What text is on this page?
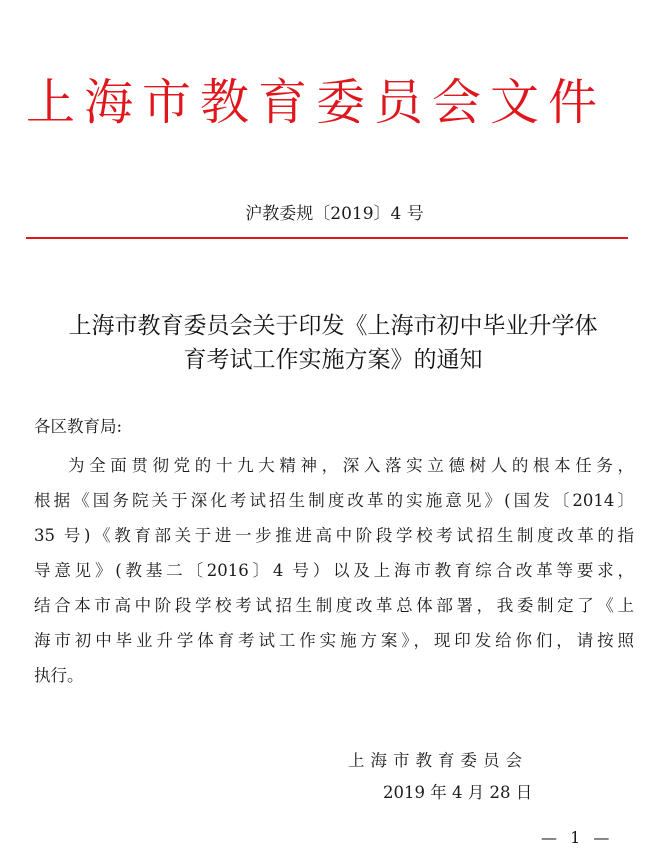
上海市教育委员会文件
沪教委规〔2019〕4 号
上海市教育委员会关于印发《上海市初中毕业升学体
育考试工作实施方案》的通知
各区教育局:
为全面贯彻党的十九大精神，深入落实立德树人的根本任务，
根据《国务院关于深化考试招生制度改革的实施意见》(国发〔2014〕
35 号)《教育部关于进一步推进高中阶段学校考试招生制度改革的指
导意见》(教基二〔2016〕4 号）以及上海市教育综合改革等要求，
结合本市高中阶段学校考试招生制度改革总体部署，我委制定了《上
海市初中毕业升学体育考试工作实施方案》，现印发给你们，请按照
执行。
上海市教育委员会
2019 年 4 月 28 日
— 1 —
